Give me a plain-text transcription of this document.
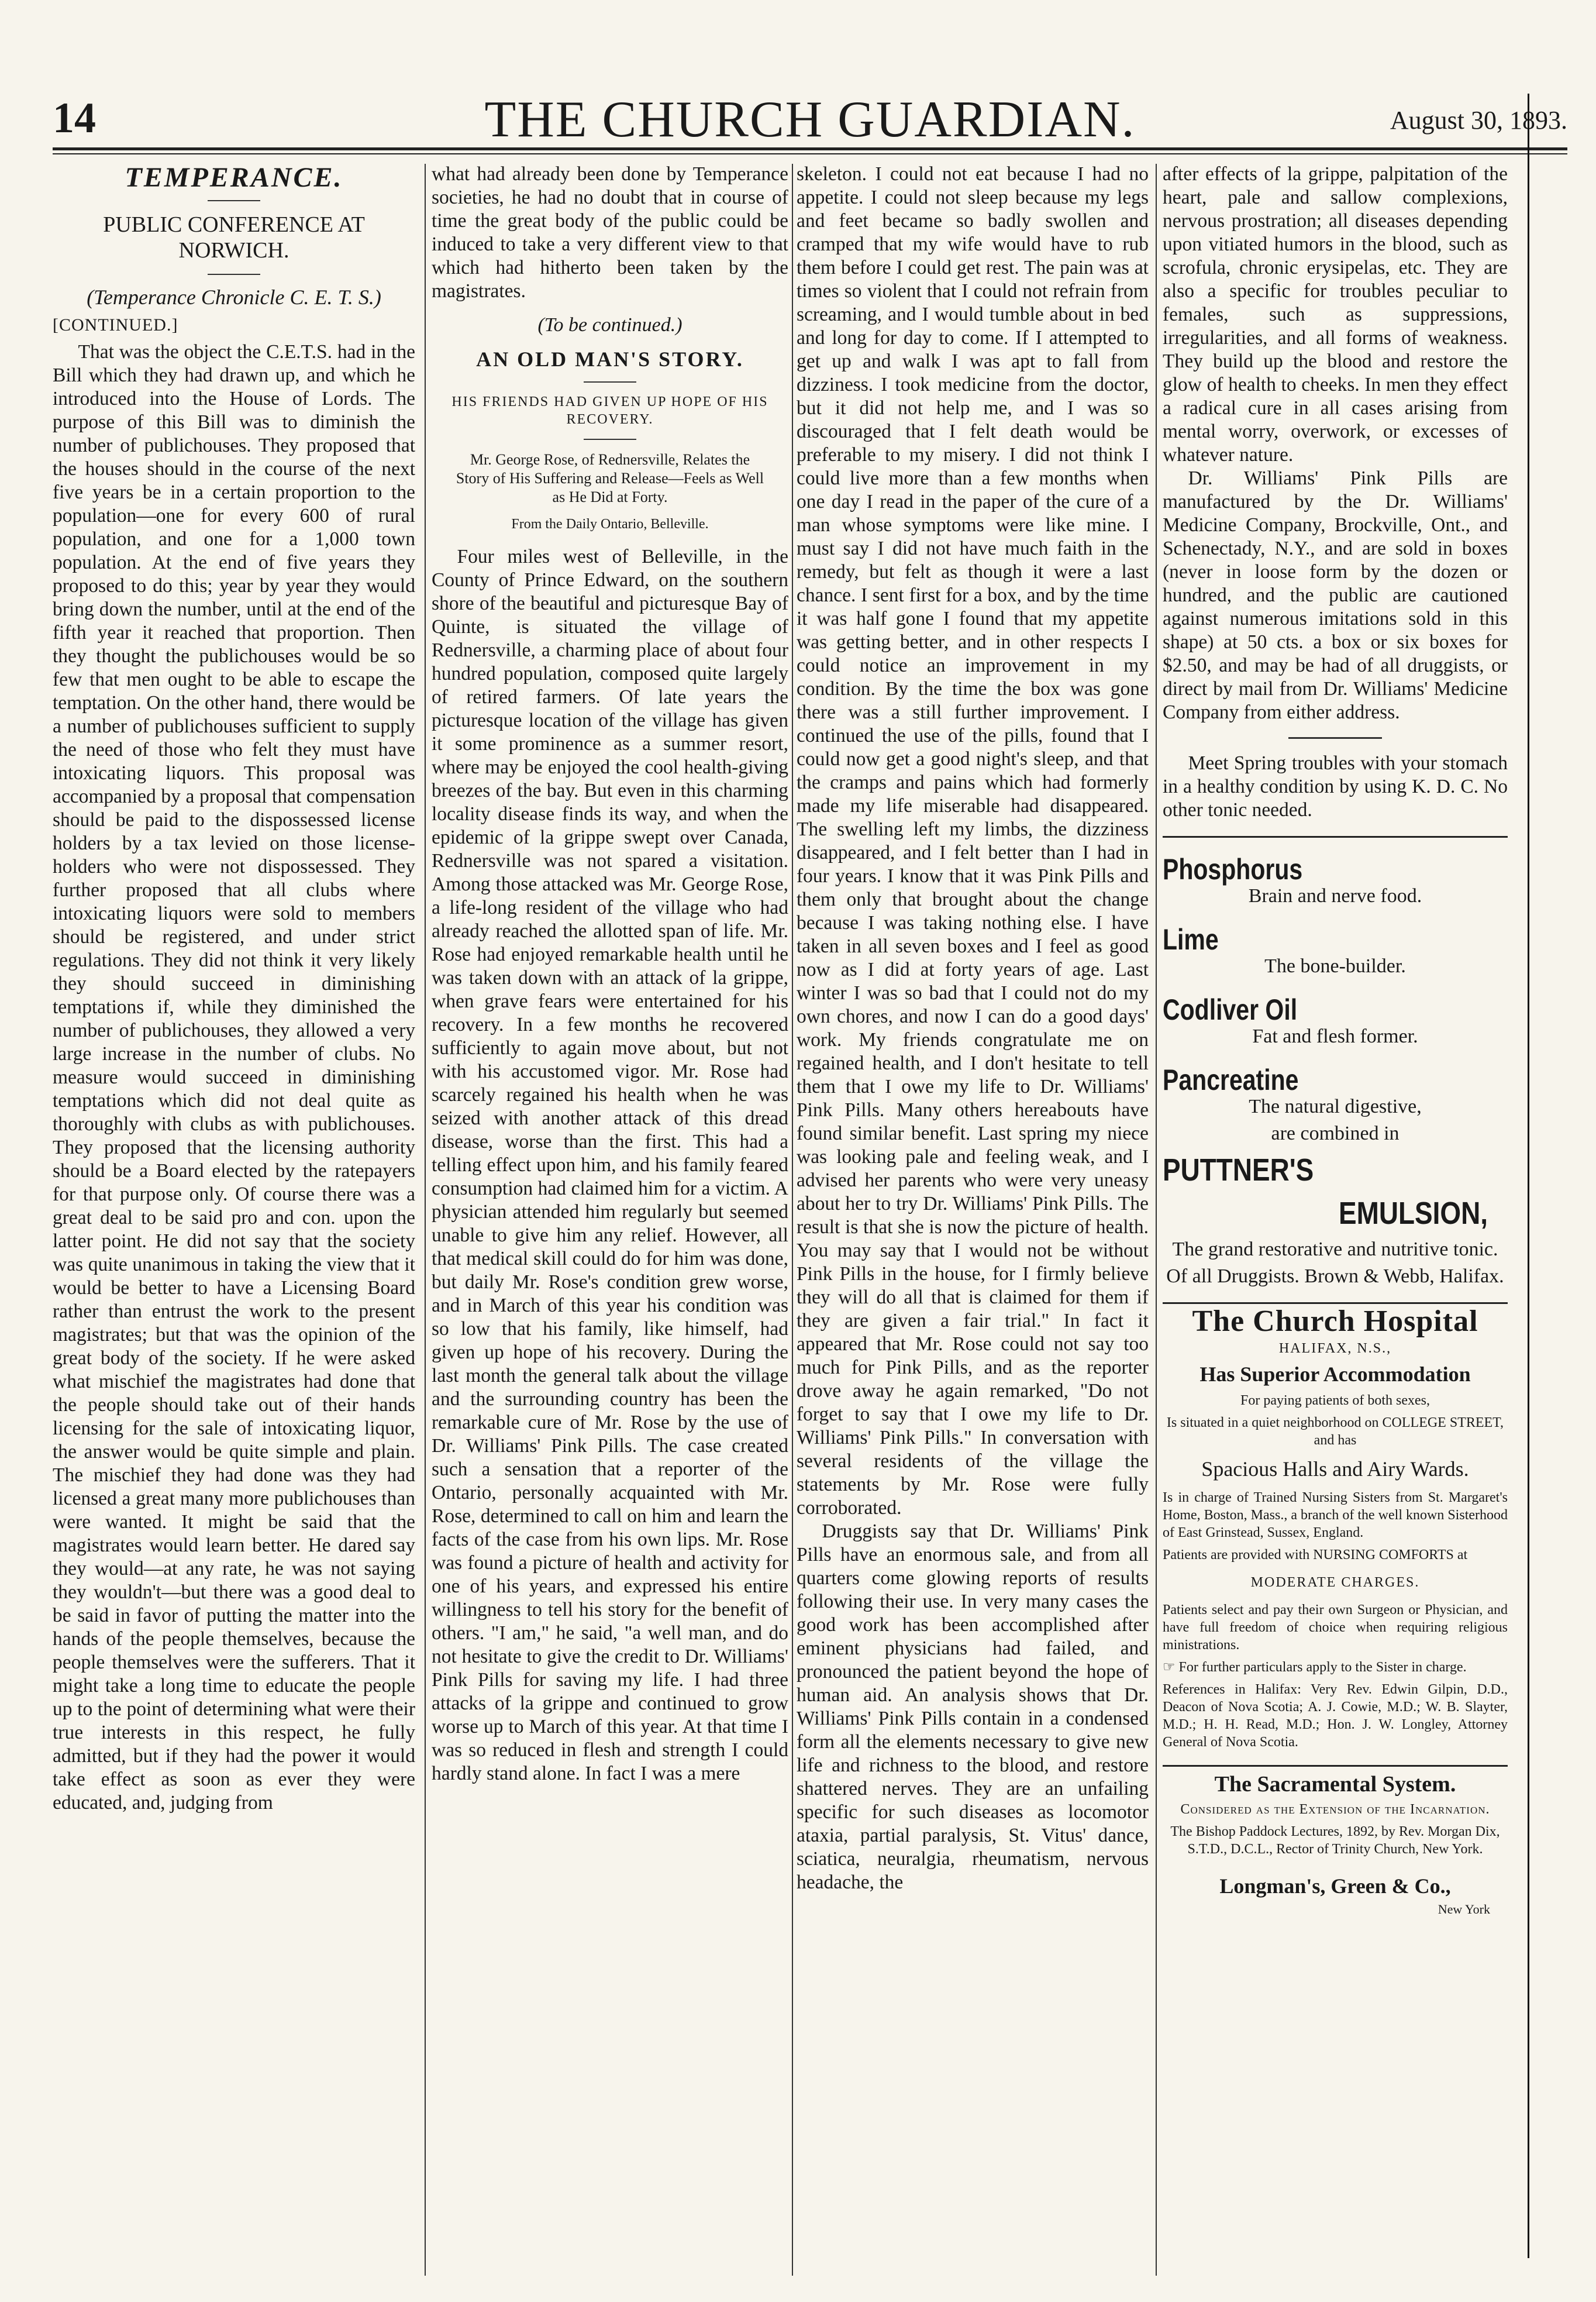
14	THE CHURCH GUARDIAN.	August 30, 1893.
TEMPERANCE.
PUBLIC CONFERENCE AT NORWICH.
(Temperance Chronicle C. E. T. S.)
[CONTINUED.]

That was the object the C.E.T.S. had in the Bill which they had drawn up, and which he introduced into the House of Lords. The purpose of this Bill was to diminish the number of publichouses. They proposed that the houses should in the course of the next five years be in a certain proportion to the population—one for every 600 of rural population, and one for a 1,000 town population. At the end of five years they proposed to do this; year by year they would bring down the number, until at the end of the fifth year it reached that proportion. Then they thought the publichouses would be so few that men ought to be able to escape the temptation. On the other hand, there would be a number of publichouses sufficient to supply the need of those who felt they must have intoxicating liquors. This proposal was accompanied by a proposal that compensation should be paid to the dispossessed license holders by a tax levied on those license-holders who were not dispossessed. They further proposed that all clubs where intoxicating liquors were sold to members should be registered, and under strict regulations. They did not think it very likely they should succeed in diminishing temptations if, while they diminished the number of publichouses, they allowed a very large increase in the number of clubs. No measure would succeed in diminishing temptations which did not deal quite as thoroughly with clubs as with publichouses. They proposed that the licensing authority should be a Board elected by the ratepayers for that purpose only. Of course there was a great deal to be said pro and con. upon the latter point. He did not say that the society was quite unanimous in taking the view that it would be better to have a Licensing Board rather than entrust the work to the present magistrates; but that was the opinion of the great body of the society. If he were asked what mischief the magistrates had done that the people should take out of their hands licensing for the sale of intoxicating liquor, the answer would be quite simple and plain. The mischief they had done was they had licensed a great many more publichouses than were wanted. It might be said that the magistrates would learn better. He dared say they would—at any rate, he was not saying they wouldn't—but there was a good deal to be said in favor of putting the matter into the hands of the people themselves, because the people themselves were the sufferers. That it might take a long time to educate the people up to the point of determining what were their true interests in this respect, he fully admitted, but if they had the power it would take effect as soon as ever they were educated, and, judging from

what had already been done by Temperance societies, he had no doubt that in course of time the great body of the public could be induced to take a very different view to that which had hitherto been taken by the magistrates.

(To be continued.)
AN OLD MAN'S STORY.
HIS FRIENDS HAD GIVEN UP HOPE OF HIS RECOVERY.
Mr. George Rose, of Rednersville, Relates the Story of His Suffering and Release—Feels as Well as He Did at Forty.
From the Daily Ontario, Belleville.

Four miles west of Belleville, in the County of Prince Edward, on the southern shore of the beautiful and picturesque Bay of Quinte, is situated the village of Rednersville, a charming place of about four hundred population, composed quite largely of retired farmers. Of late years the picturesque location of the village has given it some prominence as a summer resort, where may be enjoyed the cool health-giving breezes of the bay. But even in this charming locality disease finds its way, and when the epidemic of la grippe swept over Canada, Rednersville was not spared a visitation. Among those attacked was Mr. George Rose, a life-long resident of the village who had already reached the allotted span of life. Mr. Rose had enjoyed remarkable health until he was taken down with an attack of la grippe, when grave fears were entertained for his recovery. In a few months he recovered sufficiently to again move about, but not with his accustomed vigor. Mr. Rose had scarcely regained his health when he was seized with another attack of this dread disease, worse than the first. This had a telling effect upon him, and his family feared consumption had claimed him for a victim. A physician attended him regularly but seemed unable to give him any relief. However, all that medical skill could do for him was done, but daily Mr. Rose's condition grew worse, and in March of this year his condition was so low that his family, like himself, had given up hope of his recovery. During the last month the general talk about the village and the surrounding country has been the remarkable cure of Mr. Rose by the use of Dr. Williams' Pink Pills. The case created such a sensation that a reporter of the Ontario, personally acquainted with Mr. Rose, determined to call on him and learn the facts of the case from his own lips. Mr. Rose was found a picture of health and activity for one of his years, and expressed his entire willingness to tell his story for the benefit of others. "I am," he said, "a well man, and do not hesitate to give the credit to Dr. Williams' Pink Pills for saving my life. I had three attacks of la grippe and continued to grow worse up to March of this year. At that time I was so reduced in flesh and strength I could hardly stand alone. In fact I was a mere

skeleton. I could not eat because I had no appetite. I could not sleep because my legs and feet became so badly swollen and cramped that my wife would have to rub them before I could get rest. The pain was at times so violent that I could not refrain from screaming, and I would tumble about in bed and long for day to come. If I attempted to get up and walk I was apt to fall from dizziness. I took medicine from the doctor, but it did not help me, and I was so discouraged that I felt death would be preferable to my misery. I did not think I could live more than a few months when one day I read in the paper of the cure of a man whose symptoms were like mine. I must say I did not have much faith in the remedy, but felt as though it were a last chance. I sent first for a box, and by the time it was half gone I found that my appetite was getting better, and in other respects I could notice an improvement in my condition. By the time the box was gone there was a still further improvement. I continued the use of the pills, found that I could now get a good night's sleep, and that the cramps and pains which had formerly made my life miserable had disappeared. The swelling left my limbs, the dizziness disappeared, and I felt better than I had in four years. I know that it was Pink Pills and them only that brought about the change because I was taking nothing else. I have taken in all seven boxes and I feel as good now as I did at forty years of age. Last winter I was so bad that I could not do my own chores, and now I can do a good days' work. My friends congratulate me on regained health, and I don't hesitate to tell them that I owe my life to Dr. Williams' Pink Pills. Many others hereabouts have found similar benefit. Last spring my niece was looking pale and feeling weak, and I advised her parents who were very uneasy about her to try Dr. Williams' Pink Pills. The result is that she is now the picture of health. You may say that I would not be without Pink Pills in the house, for I firmly believe they will do all that is claimed for them if they are given a fair trial." In fact it appeared that Mr. Rose could not say too much for Pink Pills, and as the reporter drove away he again remarked, "Do not forget to say that I owe my life to Dr. Williams' Pink Pills." In conversation with several residents of the village the statements by Mr. Rose were fully corroborated.

Druggists say that Dr. Williams' Pink Pills have an enormous sale, and from all quarters come glowing reports of results following their use. In very many cases the good work has been accomplished after eminent physicians had failed, and pronounced the patient beyond the hope of human aid. An analysis shows that Dr. Williams' Pink Pills contain in a condensed form all the elements necessary to give new life and richness to the blood, and restore shattered nerves. They are an unfailing specific for such diseases as locomotor ataxia, partial paralysis, St. Vitus' dance, sciatica, neuralgia, rheumatism, nervous headache, the

after effects of la grippe, palpitation of the heart, pale and sallow complexions, nervous prostration; all diseases depending upon vitiated humors in the blood, such as scrofula, chronic erysipelas, etc. They are also a specific for troubles peculiar to females, such as suppressions, irregularities, and all forms of weakness. They build up the blood and restore the glow of health to cheeks. In men they effect a radical cure in all cases arising from mental worry, overwork, or excesses of whatever nature.

Dr. Williams' Pink Pills are manufactured by the Dr. Williams' Medicine Company, Brockville, Ont., and Schenectady, N.Y., and are sold in boxes (never in loose form by the dozen or hundred, and the public are cautioned against numerous imitations sold in this shape) at 50 cts. a box or six boxes for $2.50, and may be had of all druggists, or direct by mail from Dr. Williams' Medicine Company from either address.

Meet Spring troubles with your stomach in a healthy condition by using K. D. C. No other tonic needed.

Phosphorus
Brain and nerve food.
Lime
The bone-builder.
Codliver Oil
Fat and flesh former.
Pancreatine
The natural digestive,
are combined in
PUTTNER'S
EMULSION,
The grand restorative and nutritive tonic.
Of all Druggists. Brown & Webb, Halifax.
The Church Hospital
HALIFAX, N.S.,
Has Superior Accommodation
For paying patients of both sexes,
Is situated in a quiet neighborhood on COLLEGE STREET, and has
Spacious Halls and Airy Wards.
Is in charge of Trained Nursing Sisters from St. Margaret's Home, Boston, Mass., a branch of the well known Sisterhood of East Grinstead, Sussex, England.
Patients are provided with NURSING COMFORTS at
MODERATE CHARGES.
Patients select and pay their own Surgeon or Physician, and have full freedom of choice when requiring religious ministrations.
☞ For further particulars apply to the Sister in charge.
References in Halifax: Very Rev. Edwin Gilpin, D.D., Deacon of Nova Scotia; A. J. Cowie, M.D.; W. B. Slayter, M.D.; H. H. Read, M.D.; Hon. J. W. Longley, Attorney General of Nova Scotia.
The Sacramental System.
Considered as the Extension of the Incarnation.
The Bishop Paddock Lectures, 1892, by Rev. Morgan Dix, S.T.D., D.C.L., Rector of Trinity Church, New York.
Longman's, Green & Co.,
New York
